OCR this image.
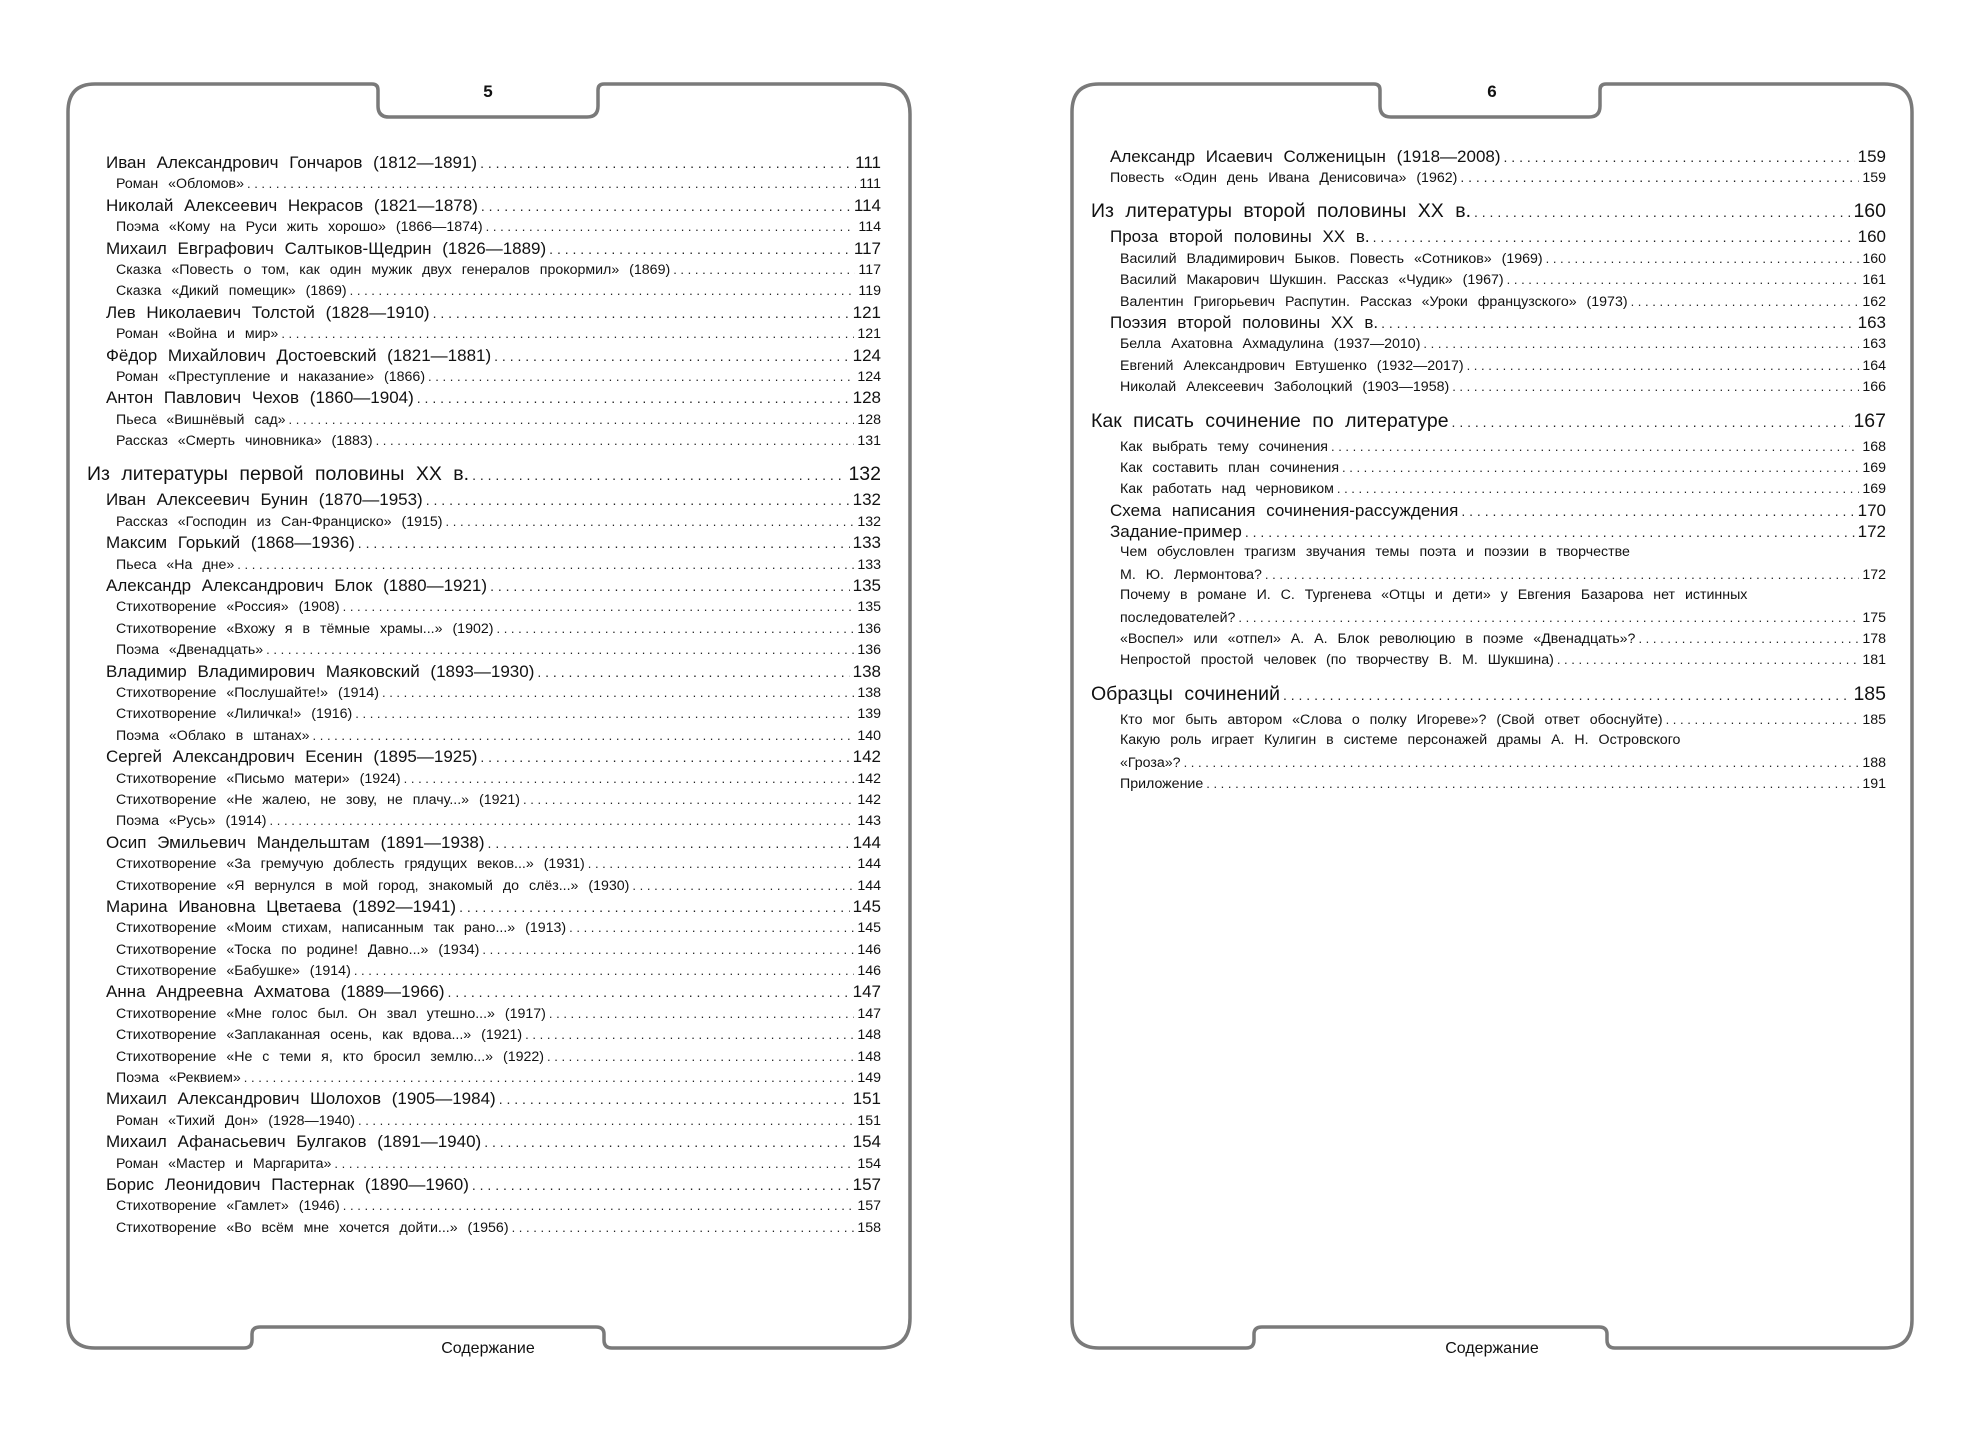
5
Иван Александрович Гончаров (1812—1891) . . .	111
Роман «Обломов» . . .	111
Николай Алексеевич Некрасов (1821—1878) . . .	114
Поэма «Кому на Руси жить хорошо» (1866—1874) . . .	114
Михаил Евграфович Салтыков-Щедрин (1826—1889) . . .	117
Сказка «Повесть о том, как один мужик двух генералов прокормил» (1869) . . .	117
Сказка «Дикий помещик» (1869) . . .	119
Лев Николаевич Толстой (1828—1910) . . .	121
Роман «Война и мир» . . .	121
Фёдор Михайлович Достоевский (1821—1881) . . .	124
Роман «Преступление и наказание» (1866) . . .	124
Антон Павлович Чехов (1860—1904) . . .	128
Пьеса «Вишнёвый сад» . . .	128
Рассказ «Смерть чиновника» (1883) . . .	131
Из литературы первой половины XX в. . . .	132
Иван Алексеевич Бунин (1870—1953) . . .	132
Рассказ «Господин из Сан-Франциско» (1915) . . .	132
Максим Горький (1868—1936) . . .	133
Пьеса «На дне» . . .	133
Александр Александрович Блок (1880—1921) . . .	135
Стихотворение «Россия» (1908) . . .	135
Стихотворение «Вхожу я в тёмные храмы...» (1902) . . .	136
Поэма «Двенадцать» . . .	136
Владимир Владимирович Маяковский (1893—1930) . . .	138
Стихотворение «Послушайте!» (1914) . . .	138
Стихотворение «Лиличка!» (1916) . . .	139
Поэма «Облако в штанах» . . .	140
Сергей Александрович Есенин (1895—1925) . . .	142
Стихотворение «Письмо матери» (1924) . . .	142
Стихотворение «Не жалею, не зову, не плачу...» (1921) . . .	142
Поэма «Русь» (1914) . . .	143
Осип Эмильевич Мандельштам (1891—1938) . . .	144
Стихотворение «За гремучую доблесть грядущих веков...» (1931) . . .	144
Стихотворение «Я вернулся в мой город, знакомый до слёз...» (1930) . . .	144
Марина Ивановна Цветаева (1892—1941) . . .	145
Стихотворение «Моим стихам, написанным так рано...» (1913) . . .	145
Стихотворение «Тоска по родине! Давно...» (1934) . . .	146
Стихотворение «Бабушке» (1914) . . .	146
Анна Андреевна Ахматова (1889—1966) . . .	147
Стихотворение «Мне голос был. Он звал утешно...» (1917) . . .	147
Стихотворение «Заплаканная осень, как вдова...» (1921) . . .	148
Стихотворение «Не с теми я, кто бросил землю...» (1922) . . .	148
Поэма «Реквием» . . .	149
Михаил Александрович Шолохов (1905—1984) . . .	151
Роман «Тихий Дон» (1928—1940) . . .	151
Михаил Афанасьевич Булгаков (1891—1940) . . .	154
Роман «Мастер и Маргарита» . . .	154
Борис Леонидович Пастернак (1890—1960) . . .	157
Стихотворение «Гамлет» (1946) . . .	157
Стихотворение «Во всём мне хочется дойти...» (1956) . . .	158
Содержание
6
Александр Исаевич Солженицын (1918—2008) . . .	159
Повесть «Один день Ивана Денисовича» (1962) . . .	159
Из литературы второй половины XX в. . . .	160
Проза второй половины XX в. . . .	160
Василий Владимирович Быков. Повесть «Сотников» (1969) . . .	160
Василий Макарович Шукшин. Рассказ «Чудик» (1967) . . .	161
Валентин Григорьевич Распутин. Рассказ «Уроки французского» (1973) . . .	162
Поэзия второй половины XX в. . . .	163
Белла Ахатовна Ахмадулина (1937—2010) . . .	163
Евгений Александрович Евтушенко (1932—2017) . . .	164
Николай Алексеевич Заболоцкий (1903—1958) . . .	166
Как писать сочинение по литературе . . .	167
Как выбрать тему сочинения . . .	168
Как составить план сочинения . . .	169
Как работать над черновиком . . .	169
Схема написания сочинения-рассуждения . . .	170
Задание-пример . . .	172
Чем обусловлен трагизм звучания темы поэта и поэзии в творчестве
М. Ю. Лермонтова? . . .	172
Почему в романе И. С. Тургенева «Отцы и дети» у Евгения Базарова нет истинных
последователей? . . .	175
«Воспел» или «отпел» А. А. Блок революцию в поэме «Двенадцать»? . . .	178
Непростой простой человек (по творчеству В. М. Шукшина) . . .	181
Образцы сочинений . . .	185
Кто мог быть автором «Слова о полку Игореве»? (Свой ответ обоснуйте) . . .	185
Какую роль играет Кулигин в системе персонажей драмы А. Н. Островского
«Гроза»? . . .	188
Приложение . . .	191
Содержание
